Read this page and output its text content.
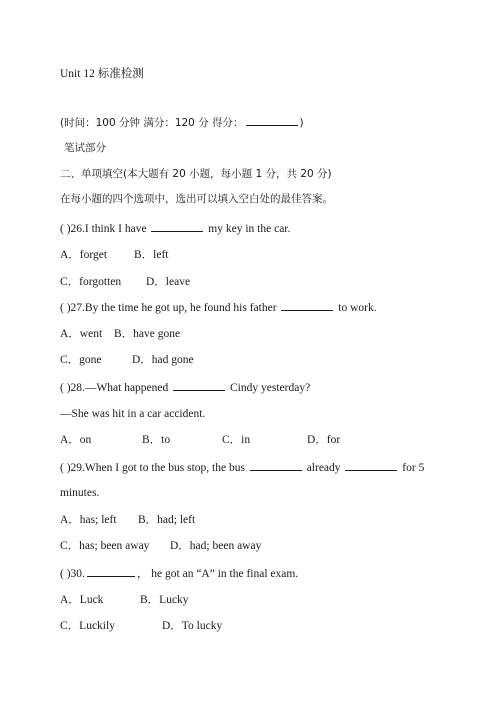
Unit 12 标准检测
(时间：100 分钟 满分：120 分 得分：	)
笔试部分
二、单项填空(本大题有 20 小题，每小题 1 分，共 20 分)
在每小题的四个选项中，选出可以填入空白处的最佳答案。
( )26.I think I have	my key in the car.
A．forget B．left
C．forgotten D．leave
( )27.By the time he got up, he found his father	to work.
A．went B．have gone
C．gone	D．had gone
( )28.—What happened	Cindy yesterday?
—She was hit in a car accident.
A．on	B．to	C．in	D．for
( )29.When I got to the bus stop, the bus	already	for 5
minutes.
A．has; left B．had; left
C．has; been away D．had; been away
( )30.	， he got an “A” in the final exam.
A．Luck	B．Lucky
C．Luckily	D．To lucky
